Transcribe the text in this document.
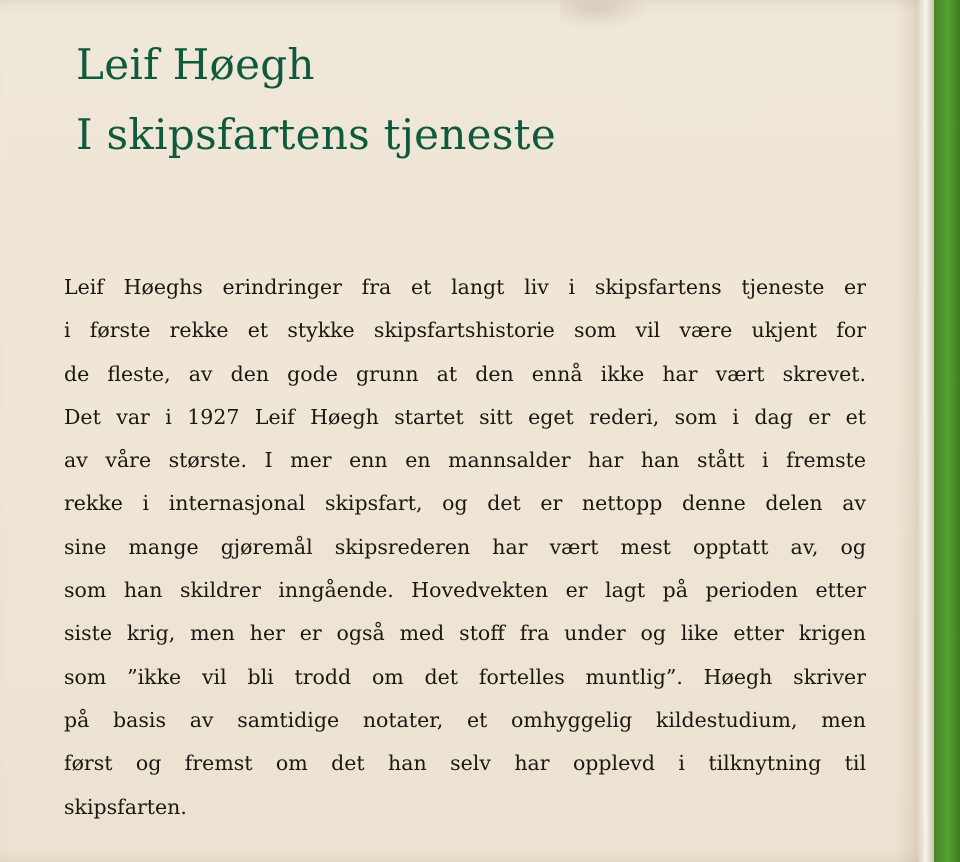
Leif Høegh
I skipsfartens tjeneste
Leif Høeghs erindringer fra et langt liv i skipsfartens tjeneste er
i første rekke et stykke skipsfartshistorie som vil være ukjent for
de fleste, av den gode grunn at den ennå ikke har vært skrevet.
Det var i 1927 Leif Høegh startet sitt eget rederi, som i dag er et
av våre største. I mer enn en mannsalder har han stått i fremste
rekke i internasjonal skipsfart, og det er nettopp denne delen av
sine mange gjøremål skipsrederen har vært mest opptatt av, og
som han skildrer inngående. Hovedvekten er lagt på perioden etter
siste krig, men her er også med stoff fra under og like etter krigen
som ”ikke vil bli trodd om det fortelles muntlig”. Høegh skriver
på basis av samtidige notater, et omhyggelig kildestudium, men
først og fremst om det han selv har opplevd i tilknytning til
skipsfarten.
